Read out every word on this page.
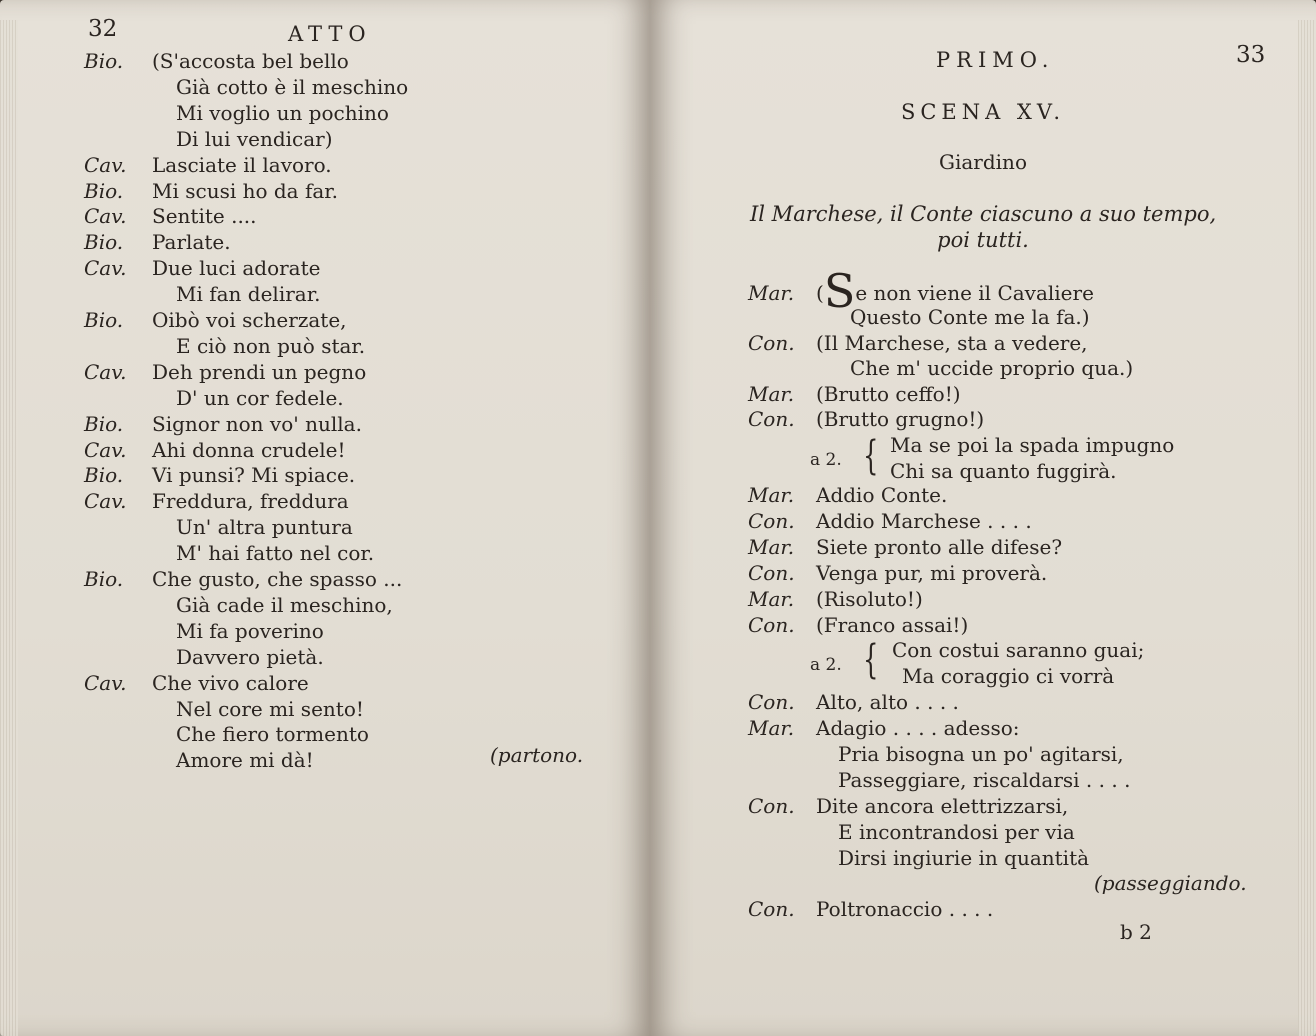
32	ATTO
Bio. (S'accosta bel bello
Già cotto è il meschino
Mi voglio un pochino
Di lui vendicar)
Cav. Lasciate il lavoro.
Bio. Mi scusi ho da far.
Cav. Sentite ....
Bio. Parlate.
Cav. Due luci adorate
Mi fan delirar.
Bio. Oibò voi scherzate,
E ciò non può star.
Cav. Deh prendi un pegno
D' un cor fedele.
Bio. Signor non vo' nulla.
Cav. Ahi donna crudele!
Bio. Vi punsi? Mi spiace.
Cav. Freddura, freddura
Un' altra puntura
M' hai fatto nel cor.
Bio. Che gusto, che spasso ...
Già cade il meschino,
Mi fa poverino
Davvero pietà.
Cav. Che vivo calore
Nel core mi sento!
Che fiero tormento
Amore mi dà!	(partono.
PRIMO.	33
SCENA XV.
Giardino
Il Marchese, il Conte ciascuno a suo tempo,
poi tutti.
Mar. (Se non viene il Cavaliere
Questo Conte me la fa.)
Con. (Il Marchese, sta a vedere,
Che m' uccide proprio qua.)
Mar. (Brutto ceffo!)
Con. (Brutto grugno!)
a 2. { Ma se poi la spada impugno
Chi sa quanto fuggirà.
Mar. Addio Conte.
Con. Addio Marchese . . . .
Mar. Siete pronto alle difese?
Con. Venga pur, mi proverà.
Mar. (Risoluto!)
Con. (Franco assai!)
a 2. { Con costui saranno guai;
Ma coraggio ci vorrà
Con. Alto, alto . . . .
Mar. Adagio . . . . adesso:
Pria bisogna un po' agitarsi,
Passeggiare, riscaldarsi . . . .
Con. Dite ancora elettrizzarsi,
E incontrandosi per via
Dirsi ingiurie in quantità
(passeggiando.
Con. Poltronaccio . . . .
b 2
